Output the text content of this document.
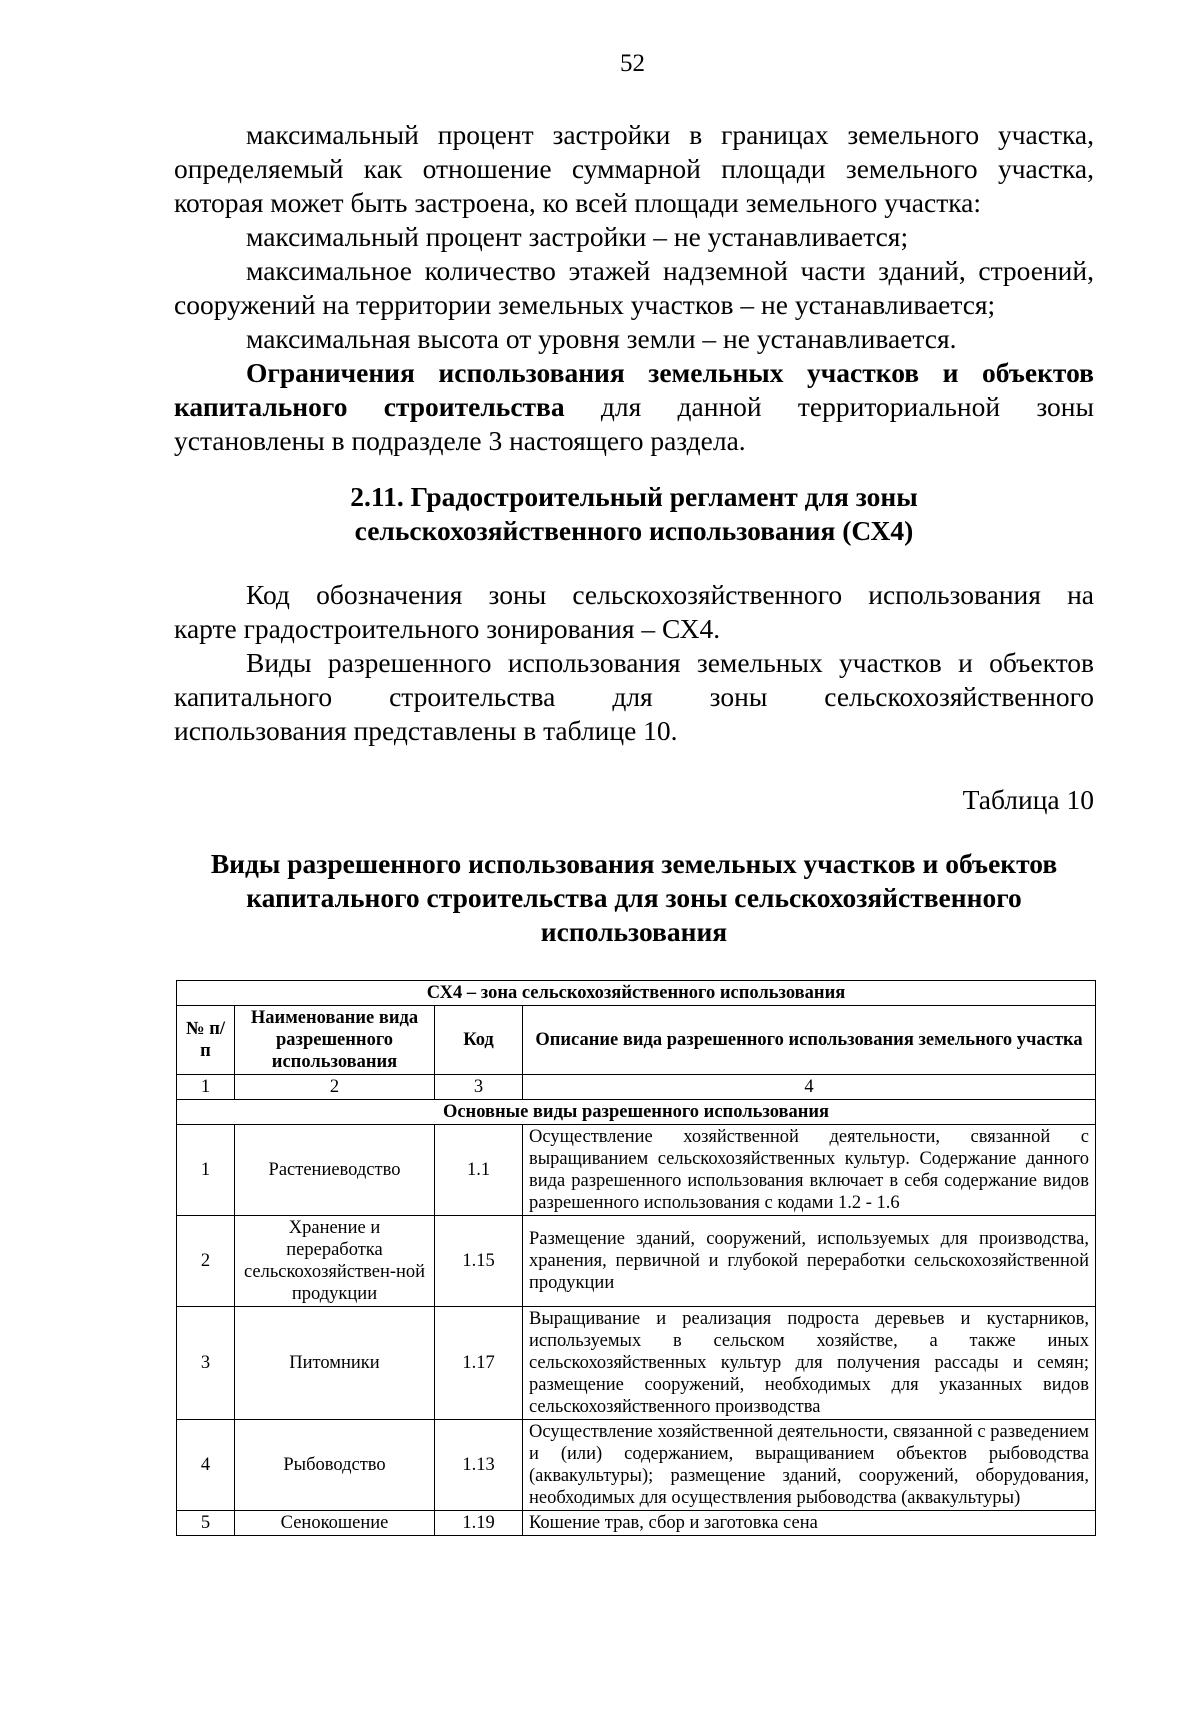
52

максимальный процент застройки в границах земельного участка,

определяемый как отношение суммарной площади земельного участка,

которая может быть застроена, ко всей площади земельного участка:

максимальный процент застройки – не устанавливается;

максимальное количество этажей надземной части зданий, строений,

сооружений на территории земельных участков – не устанавливается;

максимальная высота от уровня земли – не устанавливается.

Ограничения использования земельных участков и объектов

капитального строительства для данной территориальной зоны

установлены в подразделе 3 настоящего раздела.

2.11. Градостроительный регламент для зоны
сельскохозяйственного использования (СХ4)

Код обозначения зоны сельскохозяйственного использования на

карте градостроительного зонирования – СХ4.

Виды разрешенного использования земельных участков и объектов

капитального строительства для зоны сельскохозяйственного

использования представлены в таблице 10.

Таблица 10

Виды разрешенного использования земельных участков и объектов
капитального строительства для зоны сельскохозяйственного
использования
СХ4 – зона сельскохозяйственного использования			
№ п/п	Наименование вида разрешенного использования	Код	Описание вида разрешенного использования земельного участка
1	2	3	4
Основные виды разрешенного использования			
1	Растениеводство	1.1	Осуществление хозяйственной деятельности, связанной с выращиванием сельскохозяйственных культур. Содержание данного вида разрешенного использования включает в себя содержание видов разрешенного использования с кодами 1.2 - 1.6
2	Хранение и переработка сельскохозяйствен-ной продукции	1.15	Размещение зданий, сооружений, используемых для производства, хранения, первичной и глубокой переработки сельскохозяйственной продукции
3	Питомники	1.17	Выращивание и реализация подроста деревьев и кустарников, используемых в сельском хозяйстве, а также иных сельскохозяйственных культур для получения рассады и семян; размещение сооружений, необходимых для указанных видов сельскохозяйственного производства
4	Рыбоводство	1.13	Осуществление хозяйственной деятельности, связанной с разведением и (или) содержанием, выращиванием объектов рыбоводства (аквакультуры); размещение зданий, сооружений, оборудования, необходимых для осуществления рыбоводства (аквакультуры)
5	Сенокошение	1.19	Кошение трав, сбор и заготовка сена
